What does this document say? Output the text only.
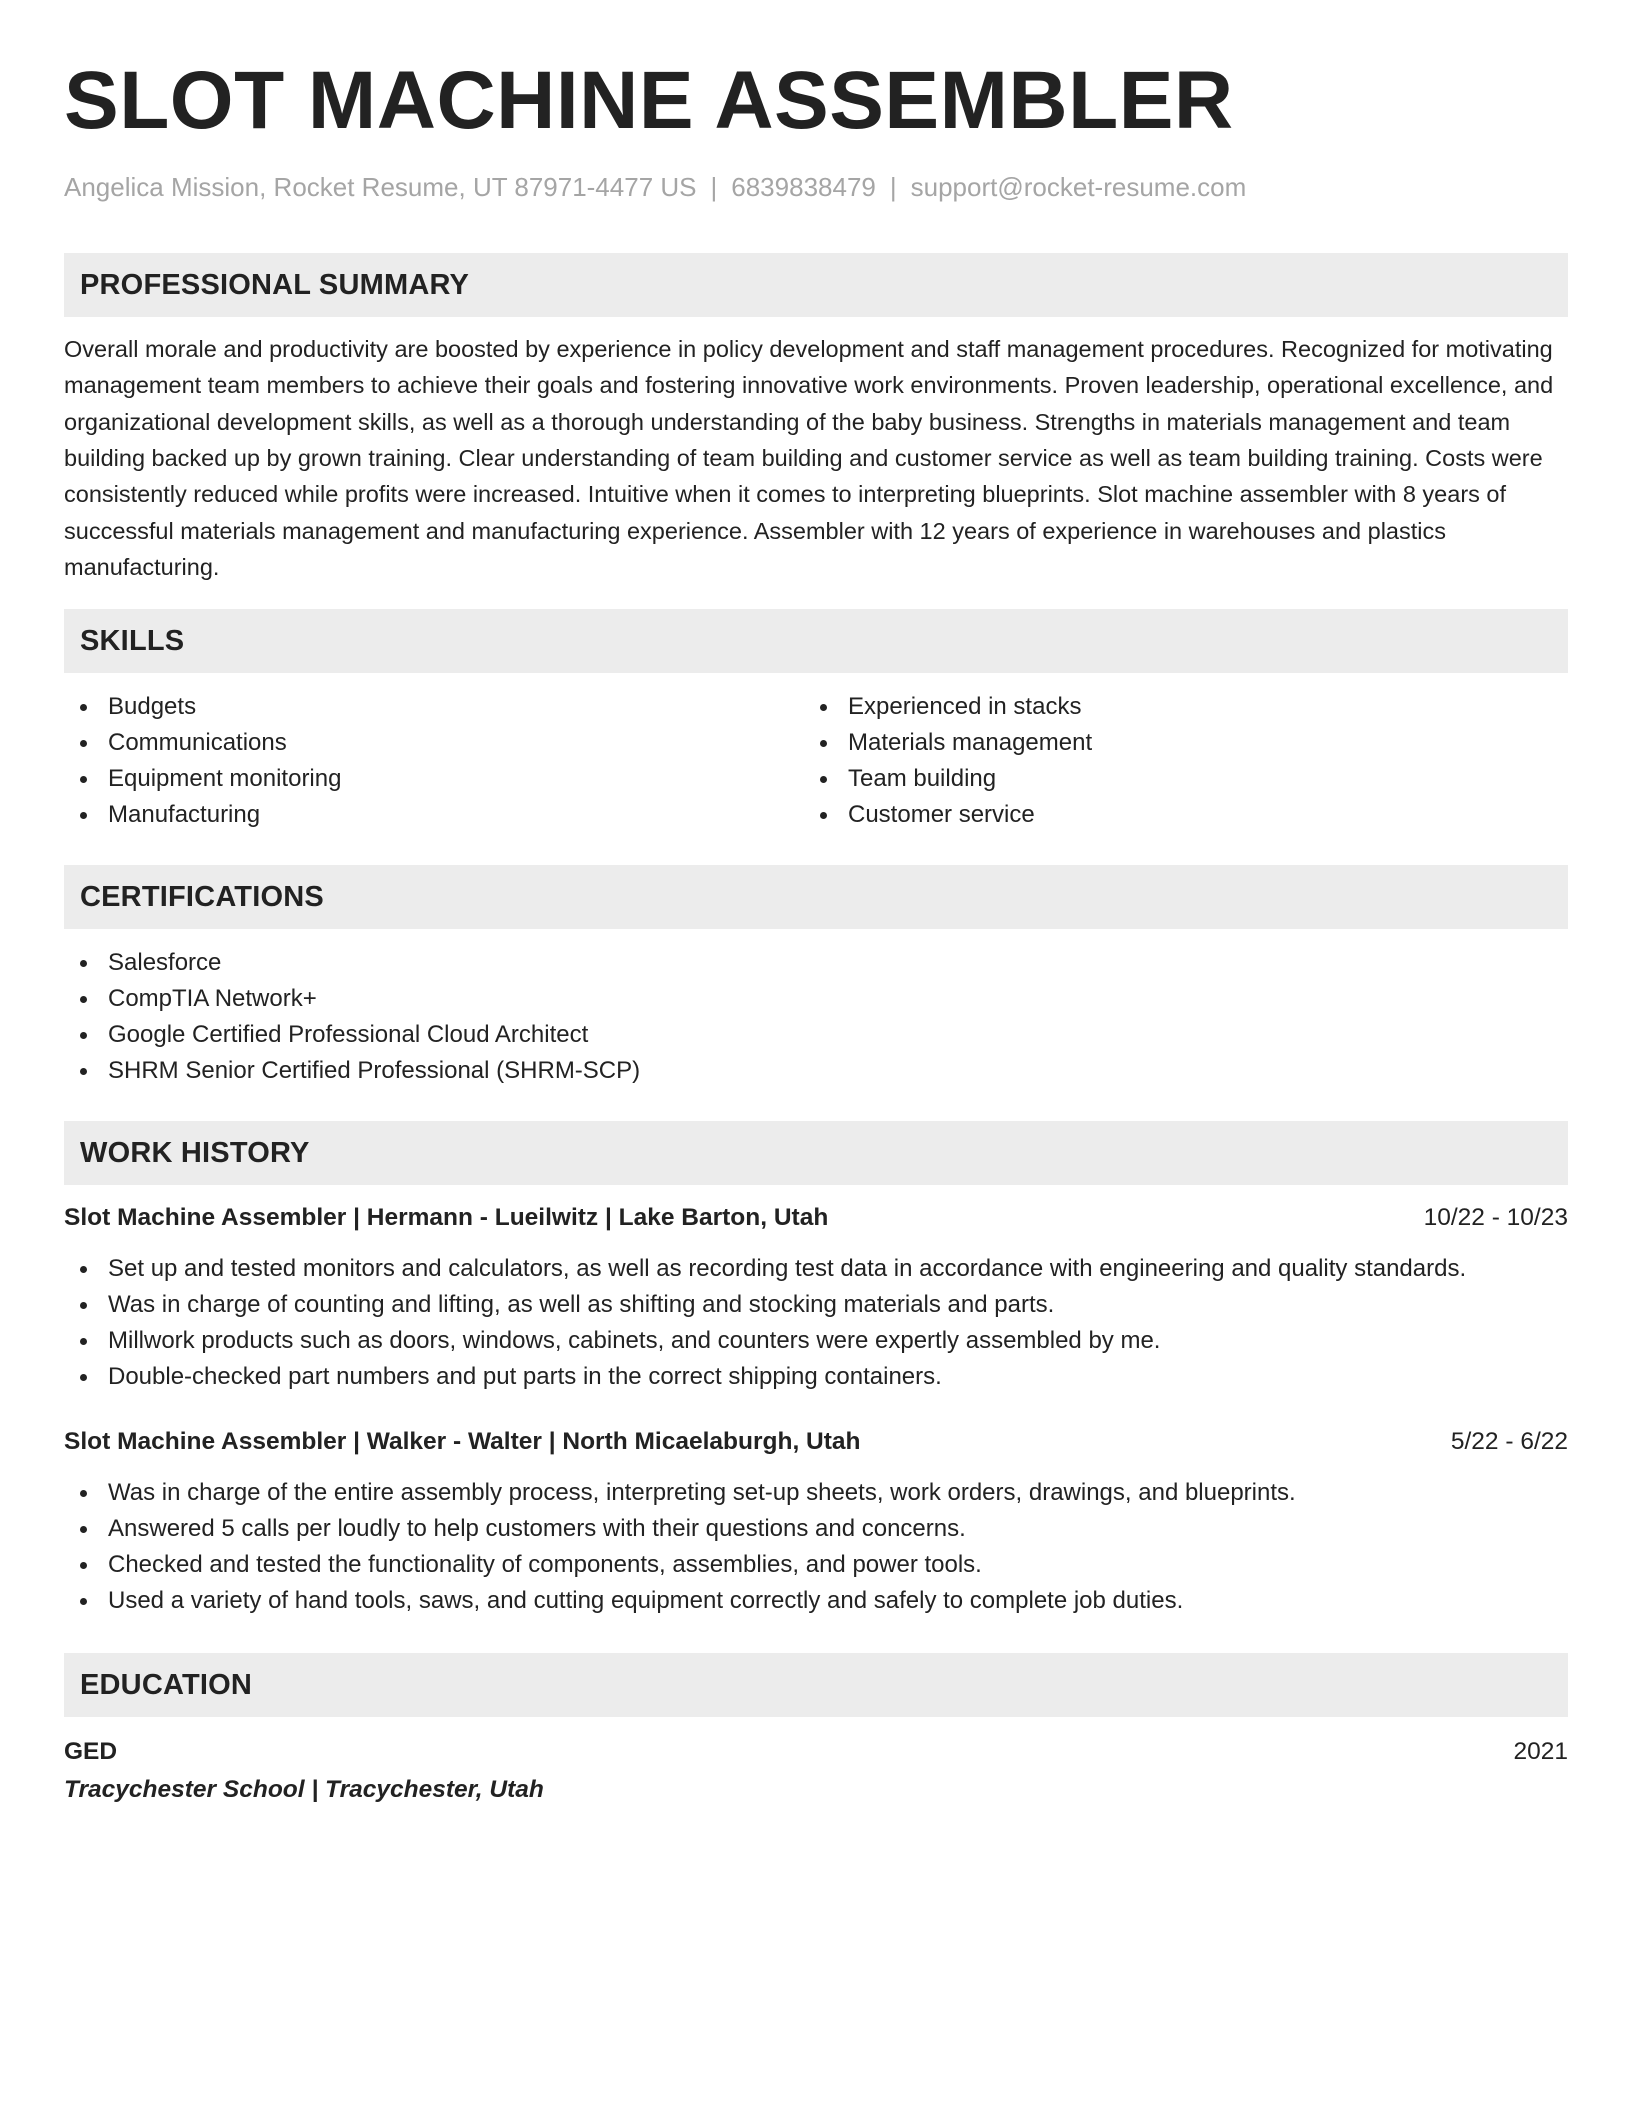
SLOT MACHINE ASSEMBLER
Angelica Mission, Rocket Resume, UT 87971-4477 US | 6839838479 | support@rocket-resume.com
PROFESSIONAL SUMMARY

Overall morale and productivity are boosted by experience in policy development and staff management procedures. Recognized for motivating management team members to achieve their goals and fostering innovative work environments. Proven leadership, operational excellence, and organizational development skills, as well as a thorough understanding of the baby business. Strengths in materials management and team building backed up by grown training. Clear understanding of team building and customer service as well as team building training. Costs were consistently reduced while profits were increased. Intuitive when it comes to interpreting blueprints. Slot machine assembler with 8 years of successful materials management and manufacturing experience. Assembler with 12 years of experience in warehouses and plastics manufacturing.

SKILLS
Budgets
Communications
Equipment monitoring
Manufacturing
Experienced in stacks
Materials management
Team building
Customer service
CERTIFICATIONS
Salesforce
CompTIA Network+
Google Certified Professional Cloud Architect
SHRM Senior Certified Professional (SHRM-SCP)
WORK HISTORY
Slot Machine Assembler | Hermann - Lueilwitz | Lake Barton, Utah	10/22 - 10/23
Set up and tested monitors and calculators, as well as recording test data in accordance with engineering and quality standards.
Was in charge of counting and lifting, as well as shifting and stocking materials and parts.
Millwork products such as doors, windows, cabinets, and counters were expertly assembled by me.
Double-checked part numbers and put parts in the correct shipping containers.
Slot Machine Assembler | Walker - Walter | North Micaelaburgh, Utah	5/22 - 6/22
Was in charge of the entire assembly process, interpreting set-up sheets, work orders, drawings, and blueprints.
Answered 5 calls per loudly to help customers with their questions and concerns.
Checked and tested the functionality of components, assemblies, and power tools.
Used a variety of hand tools, saws, and cutting equipment correctly and safely to complete job duties.
EDUCATION
GED	2021
Tracychester School | Tracychester, Utah
